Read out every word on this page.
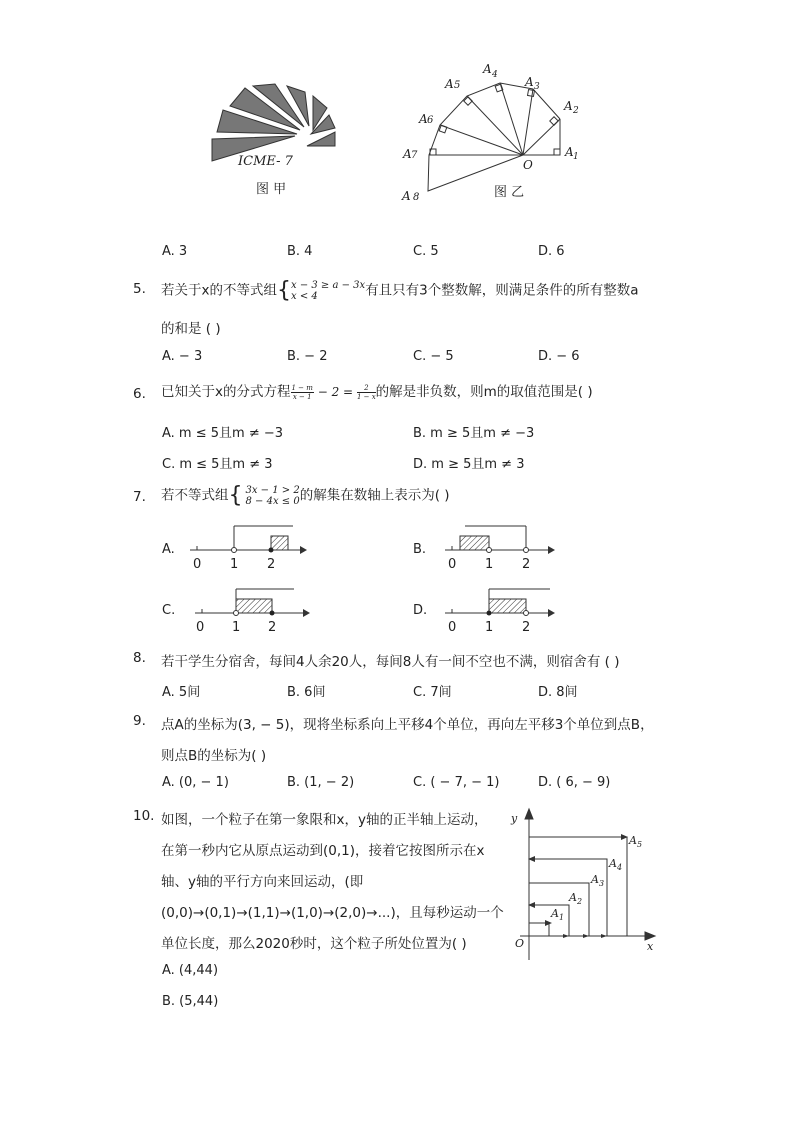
ICME- 7
图 甲
A 1
A 2
A 3
A 4
A 5
A 6
A 7
A 8
O
图 乙
A. 3	B. 4	C. 5	D. 6
5. 若关于x的不等式组{ x − 3 ≥ a − 3x
x < 4	有且只有3个整数解，则满足条件的所有整数a
的和是 ( )
A. − 3	B. − 2	C. − 5	D. − 6
6. 已知关于x的分式方程 $\frac{1 - m}{x - 1} - 2 = \frac{2}{1 - x}$ 的解是非负数，则m的取值范围是( )
A. m ≤ 5且m ≠ −3	B. m ≥ 5且m ≠ −3
C. m ≤ 5且m ≠ 3	D. m ≥ 5且m ≠ 3
7. 若不等式组{ 3x − 1 > 2
8 − 4x ≤ 0 的解集在数轴上表示为( )
A.
0 1 2
B.
0 1 2
C.
0 1 2
D.
0 1 2
8. 若干学生分宿舍，每间4人余20人，每间8人有一间不空也不满，则宿舍有 ( )
A. 5间	B. 6间	C. 7间	D. 8间
9. 点A的坐标为(3, − 5)，现将坐标系向上平移4个单位，再向左平移3个单位到点B，
则点B的坐标为( )
A. (0, − 1)	B. (1, − 2)	C. ( − 7, − 1)	D. ( 6, − 9)
10. 如图，一个粒子在第一象限和x，y轴的正半轴上运动，
在第一秒内它从原点运动到(0,1)，接着它按图所示在x
轴、y轴的平行方向来回运动，(即
(0,0)→(0,1)→(1,1)→(1,0)→(2,0)→...)，且每秒运动一个
单位长度，那么2020秒时，这个粒子所处位置为( )
A. (4,44)
B. (5,44)
y
x
O
A 1
A 2
A 3
A 4
A 5
